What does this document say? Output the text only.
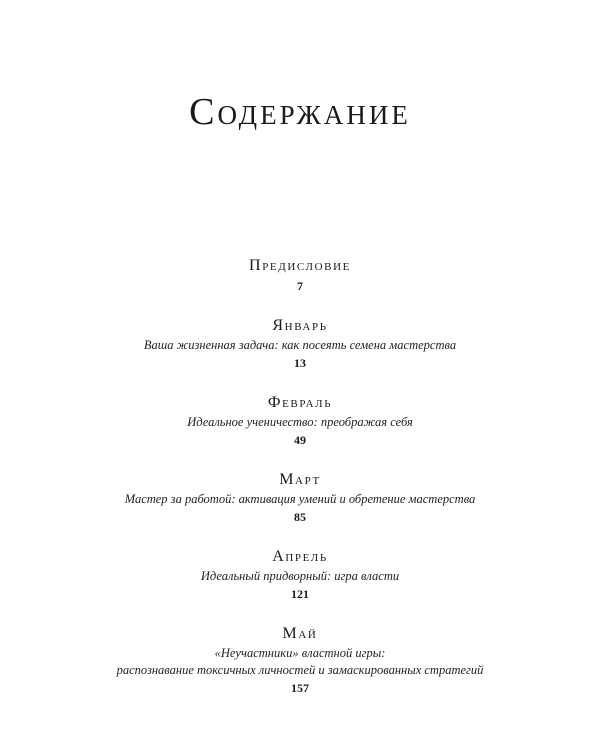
Содержание
Предисловие
7
Январь
Ваша жизненная задача: как посеять семена мастерства
13
Февраль
Идеальное ученичество: преображая себя
49
Март
Мастер за работой: активация умений и обретение мастерства
85
Апрель
Идеальный придворный: игра власти
121
Май
«Неучастники» властной игры:
распознавание токсичных личностей и замаскированных стратегий
157
